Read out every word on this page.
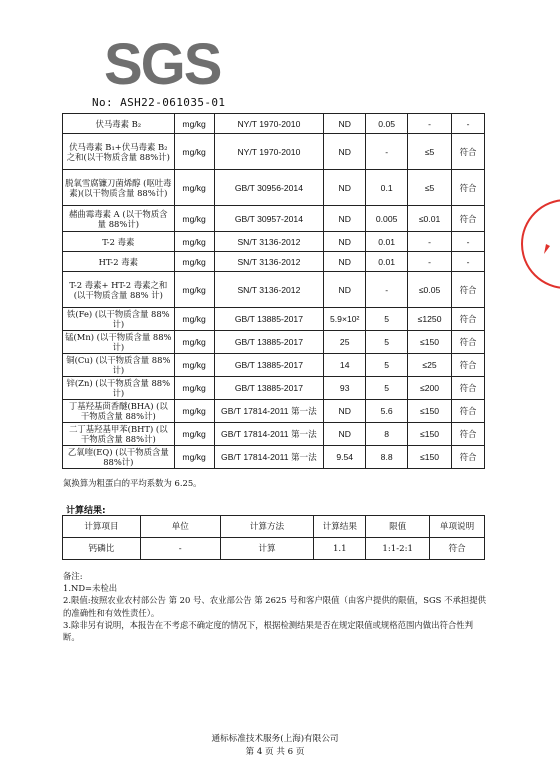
SGS
No: ASH22-061035-01
伏马毒素 B₂	mg/kg	NY/T 1970-2010	ND	0.05	-	-
伏马毒素 B₁+伏马毒素 B₂之和(以干物质含量 88%计)	mg/kg	NY/T 1970-2010	ND	-	≤5	符合
脱氧雪腐镰刀菌烯醇 (呕吐毒素)(以干物质含量 88%计)	mg/kg	GB/T 30956-2014	ND	0.1	≤5	符合
赭曲霉毒素 A (以干物质含量 88%计)	mg/kg	GB/T 30957-2014	ND	0.005	≤0.01	符合
T-2 毒素	mg/kg	SN/T 3136-2012	ND	0.01	-	-
HT-2 毒素	mg/kg	SN/T 3136-2012	ND	0.01	-	-
T-2 毒素+ HT-2 毒素之和(以干物质含量 88% 计)	mg/kg	SN/T 3136-2012	ND	-	≤0.05	符合
铁(Fe) (以干物质含量 88%计)	mg/kg	GB/T 13885-2017	5.9×10²	5	≤1250	符合
锰(Mn) (以干物质含量 88%计)	mg/kg	GB/T 13885-2017	25	5	≤150	符合
铜(Cu) (以干物质含量 88%计)	mg/kg	GB/T 13885-2017	14	5	≤25	符合
锌(Zn) (以干物质含量 88%计)	mg/kg	GB/T 13885-2017	93	5	≤200	符合
丁基羟基茴香醚(BHA) (以干物质含量 88%计)	mg/kg	GB/T 17814-2011 第一法	ND	5.6	≤150	符合
二丁基羟基甲苯(BHT) (以干物质含量 88%计)	mg/kg	GB/T 17814-2011 第一法	ND	8	≤150	符合
乙氧喹(EQ) (以干物质含量 88%计)	mg/kg	GB/T 17814-2011 第一法	9.54	8.8	≤150	符合
氮换算为粗蛋白的平均系数为 6.25。
计算结果:
计算项目	单位	计算方法	计算结果	限值	单项说明
钙磷比	-	计算	1.1	1:1-2:1	符合
备注:
1.ND=未检出
2.限值:按照农业农村部公告 第 20 号、农业部公告 第 2625 号和客户限值（由客户提供的限值，SGS 不承担提供的准确性和有效性责任）。
3.除非另有说明，本报告在不考虑不确定度的情况下，根据检测结果是否在规定限值或规格范围内做出符合性判断。
通标标准技术服务(上海)有限公司
第 4 页 共 6 页
